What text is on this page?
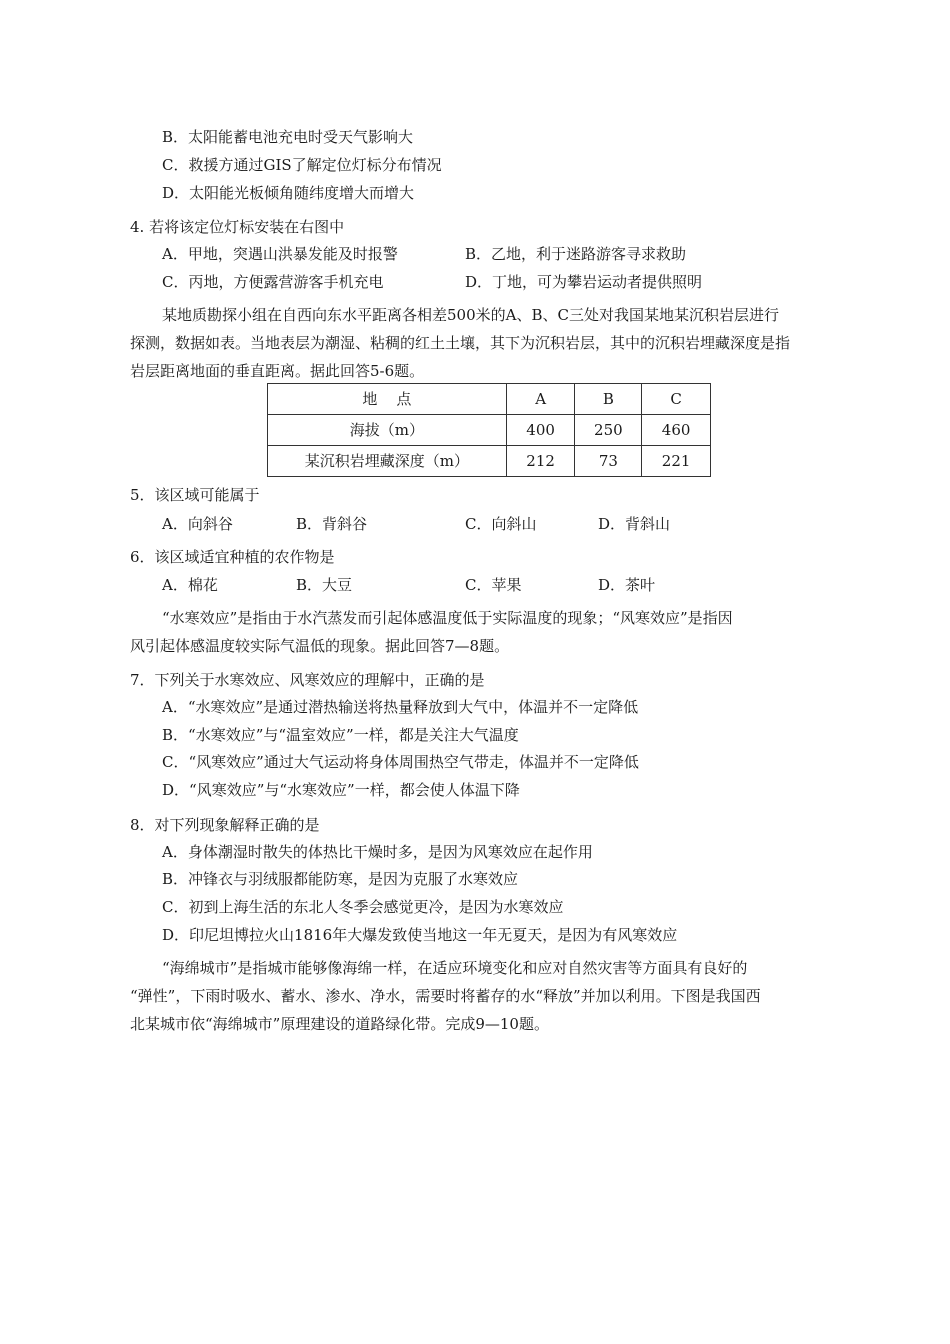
B．太阳能蓄电池充电时受天气影响大
C．救援方通过GIS了解定位灯标分布情况
D．太阳能光板倾角随纬度增大而增大
4. 若将该定位灯标安装在右图中
A．甲地，突遇山洪暴发能及时报警	B．乙地，利于迷路游客寻求救助
C．丙地，方便露营游客手机充电	D．丁地，可为攀岩运动者提供照明
某地质勘探小组在自西向东水平距离各相差500米的A、B、C三处对我国某地某沉积岩层进行
探测，数据如表。当地表层为潮湿、粘稠的红土土壤，其下为沉积岩层，其中的沉积岩埋藏深度是指
岩层距离地面的垂直距离。据此回答5-6题。
地    点	A	B	C
海拔（m）	400	250	460
某沉积岩埋藏深度（m）	212	73	221
5．该区域可能属于
A．向斜谷	B．背斜谷	C．向斜山	D．背斜山
6．该区域适宜种植的农作物是
A．棉花	B．大豆	C．苹果	D．茶叶
“水寒效应”是指由于水汽蒸发而引起体感温度低于实际温度的现象；“风寒效应”是指因
风引起体感温度较实际气温低的现象。据此回答7—8题。
7．下列关于水寒效应、风寒效应的理解中，正确的是
A．“水寒效应”是通过潜热输送将热量释放到大气中，体温并不一定降低
B．“水寒效应”与“温室效应”一样，都是关注大气温度
C．“风寒效应”通过大气运动将身体周围热空气带走，体温并不一定降低
D．“风寒效应”与“水寒效应”一样，都会使人体温下降
8．对下列现象解释正确的是
A．身体潮湿时散失的体热比干燥时多，是因为风寒效应在起作用
B．冲锋衣与羽绒服都能防寒，是因为克服了水寒效应
C．初到上海生活的东北人冬季会感觉更冷，是因为水寒效应
D．印尼坦博拉火山1816年大爆发致使当地这一年无夏天，是因为有风寒效应
“海绵城市”是指城市能够像海绵一样，在适应环境变化和应对自然灾害等方面具有良好的
“弹性”，下雨时吸水、蓄水、渗水、净水，需要时将蓄存的水“释放”并加以利用。下图是我国西
北某城市依“海绵城市”原理建设的道路绿化带。完成9—10题。
